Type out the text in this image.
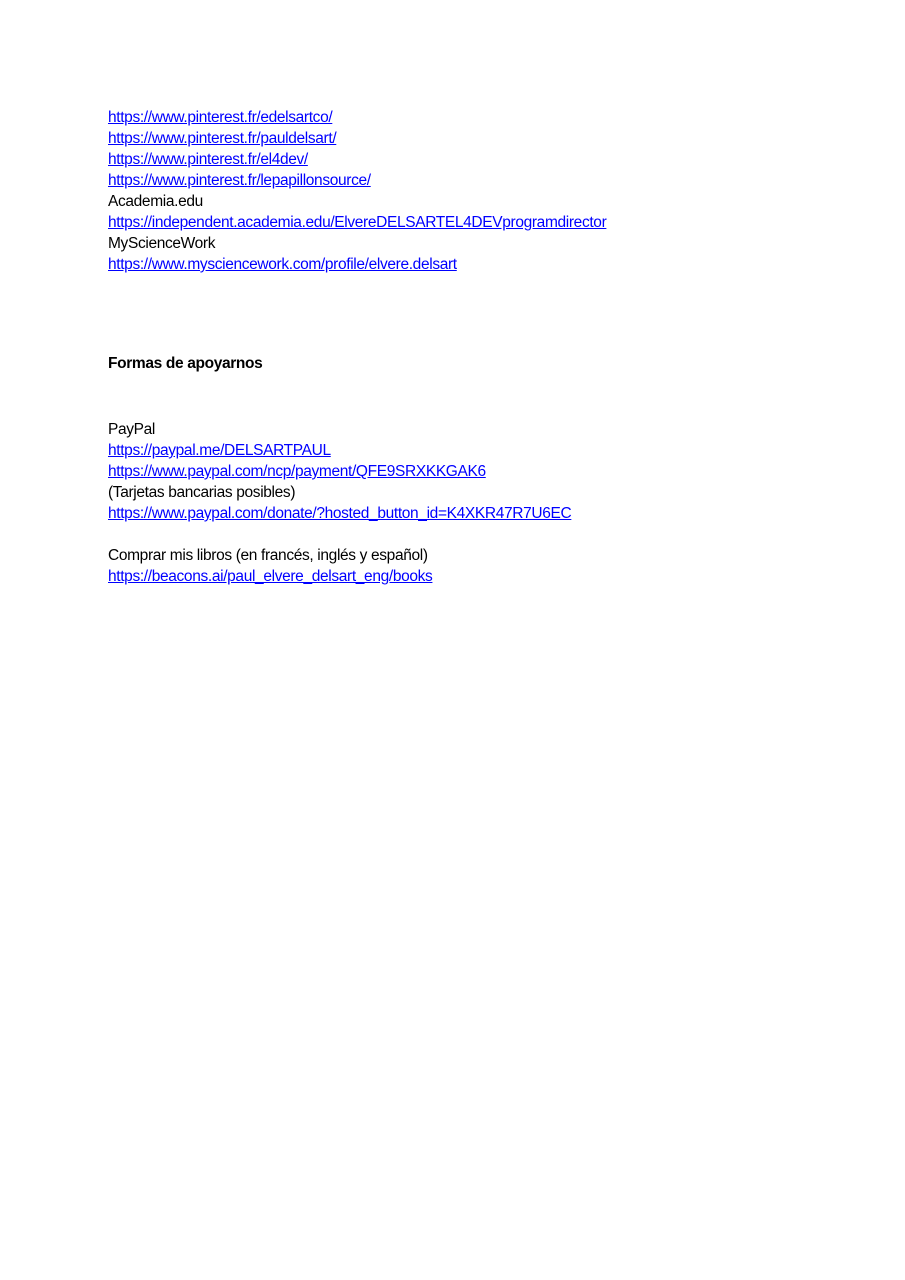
https://www.pinterest.fr/edelsartco/
https://www.pinterest.fr/pauldelsart/
https://www.pinterest.fr/el4dev/
https://www.pinterest.fr/lepapillonsource/
Academia.edu
https://independent.academia.edu/ElvereDELSARTEL4DEVprogramdirector
MyScienceWork
https://www.mysciencework.com/profile/elvere.delsart
Formas de apoyarnos
PayPal
https://paypal.me/DELSARTPAUL
https://www.paypal.com/ncp/payment/QFE9SRXKKGAK6
(Tarjetas bancarias posibles)
https://www.paypal.com/donate/?hosted_button_id=K4XKR47R7U6EC
Comprar mis libros (en francés, inglés y español)
https://beacons.ai/paul_elvere_delsart_eng/books
